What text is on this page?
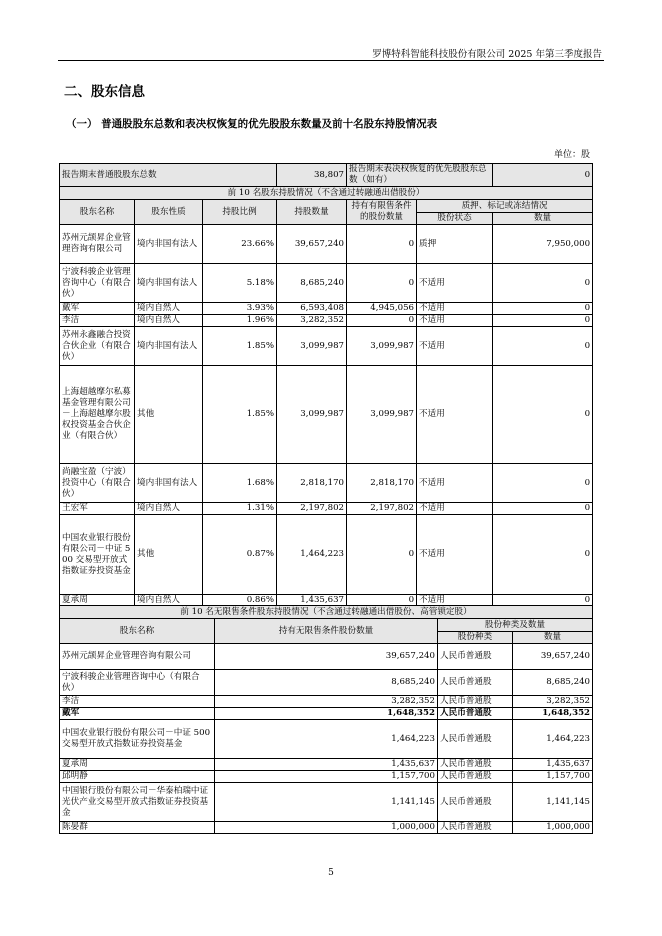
罗博特科智能科技股份有限公司 2025 年第三季度报告
二、股东信息
（一） 普通股股东总数和表决权恢复的优先股股东数量及前十名股东持股情况表
单位：股
报告期末普通股股东总数			38,807	报告期末表决权恢复的优先股股东总数（如有）		0
前 10 名股东持股情况（不含通过转融通出借股份）						
股东名称	股东性质	持股比例	持股数量	持有有限售条件的股份数量	质押、标记或冻结情况	
					股份状态	数量
苏州元颉昇企业管理咨询有限公司	境内非国有法人	23.66%	39,657,240	0	质押	7,950,000
宁波科骏企业管理咨询中心（有限合伙）	境内非国有法人	5.18%	8,685,240	0	不适用	0
戴军	境内自然人	3.93%	6,593,408	4,945,056	不适用	0
李洁	境内自然人	1.96%	3,282,352	0	不适用	0
苏州永鑫融合投资合伙企业（有限合伙）	境内非国有法人	1.85%	3,099,987	3,099,987	不适用	0
上海超越摩尔私募基金管理有限公司－上海超越摩尔股权投资基金合伙企业（有限合伙）	其他	1.85%	3,099,987	3,099,987	不适用	0
尚融宝盈（宁波）投资中心（有限合伙）	境内非国有法人	1.68%	2,818,170	2,818,170	不适用	0
王宏军	境内自然人	1.31%	2,197,802	2,197,802	不适用	0
中国农业银行股份有限公司－中证 500 交易型开放式指数证券投资基金	其他	0.87%	1,464,223	0	不适用	0
夏承周	境内自然人	0.86%	1,435,637	0	不适用	0
前 10 名无限售条件股东持股情况（不含通过转融通出借股份、高管锁定股）			
股东名称	持有无限售条件股份数量	股份种类及数量	
		股份种类	数量
苏州元颉昇企业管理咨询有限公司	39,657,240	人民币普通股	39,657,240
宁波科骏企业管理咨询中心（有限合伙）	8,685,240	人民币普通股	8,685,240
李洁	3,282,352	人民币普通股	3,282,352
戴军	1,648,352	人民币普通股	1,648,352
中国农业银行股份有限公司－中证 500 交易型开放式指数证券投资基金	1,464,223	人民币普通股	1,464,223
夏承周	1,435,637	人民币普通股	1,435,637
邱明静	1,157,700	人民币普通股	1,157,700
中国银行股份有限公司－华泰柏瑞中证光伏产业交易型开放式指数证券投资基金	1,141,145	人民币普通股	1,141,145
陈晏群	1,000,000	人民币普通股	1,000,000
5
